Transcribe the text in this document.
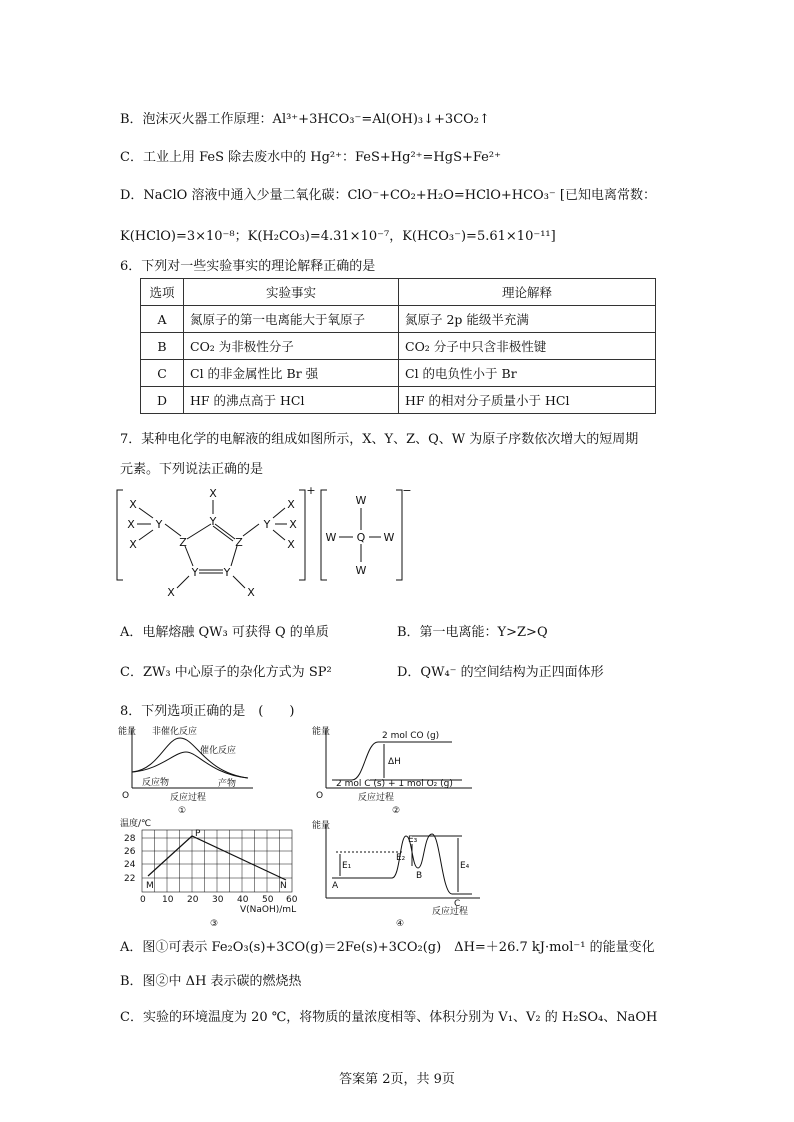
B．泡沫灭火器工作原理：Al³⁺+3HCO₃⁻=Al(OH)₃↓+3CO₂↑
C．工业上用 FeS 除去废水中的 Hg²⁺：FeS+Hg²⁺=HgS+Fe²⁺
D．NaClO 溶液中通入少量二氧化碳：ClO⁻+CO₂+H₂O=HClO+HCO₃⁻ [已知电离常数：
K(HClO)=3×10⁻⁸；K(H₂CO₃)=4.31×10⁻⁷，K(HCO₃⁻)=5.61×10⁻¹¹]
6．下列对一些实验事实的理论解释正确的是
选项	实验事实	理论解释
A	氮原子的第一电离能大于氧原子	氮原子 2p 能级半充满
B	CO₂ 为非极性分子	CO₂ 分子中只含非极性键
C	Cl 的非金属性比 Br 强	Cl 的电负性小于 Br
D	HF 的沸点高于 HCl	HF 的相对分子质量小于 HCl
7．某种电化学的电解液的组成如图所示，X、Y、Z、Q、W 为原子序数依次增大的短周期
元素。下列说法正确的是
X
Y
Z	Z
Y Y
Y	Y
X
X
X
X
X
X
X	X
+
W
Q
W	W
W
−
A．电解熔融 QW₃ 可获得 Q 的单质	B．第一电离能：Y>Z>Q
C．ZW₃ 中心原子的杂化方式为 SP²	D．QW₄⁻ 的空间结构为正四面体形
8．下列选项正确的是　(　　)
能量 非催化反应
催化反应
反应物	产物
O	反应过程
①
能量	2 mol CO (g)
ΔH
2 mol C (s) + 1 mol O₂ (g)
O	反应过程
②
温度/℃
28
26
24
22
0 10 20 30 40 50 60
V(NaOH)/mL
P
M	N
③
能量
E₁
E₂
E₃
E₄
A
B
C
反应过程
④
A．图①可表示 Fe₂O₃(s)+3CO(g)＝2Fe(s)+3CO₂(g)　ΔH=＋26.7 kJ·mol⁻¹ 的能量变化
B．图②中 ΔH 表示碳的燃烧热
C．实验的环境温度为 20 ℃，将物质的量浓度相等、体积分别为 V₁、V₂ 的 H₂SO₄、NaOH
答案第 2页，共 9页
